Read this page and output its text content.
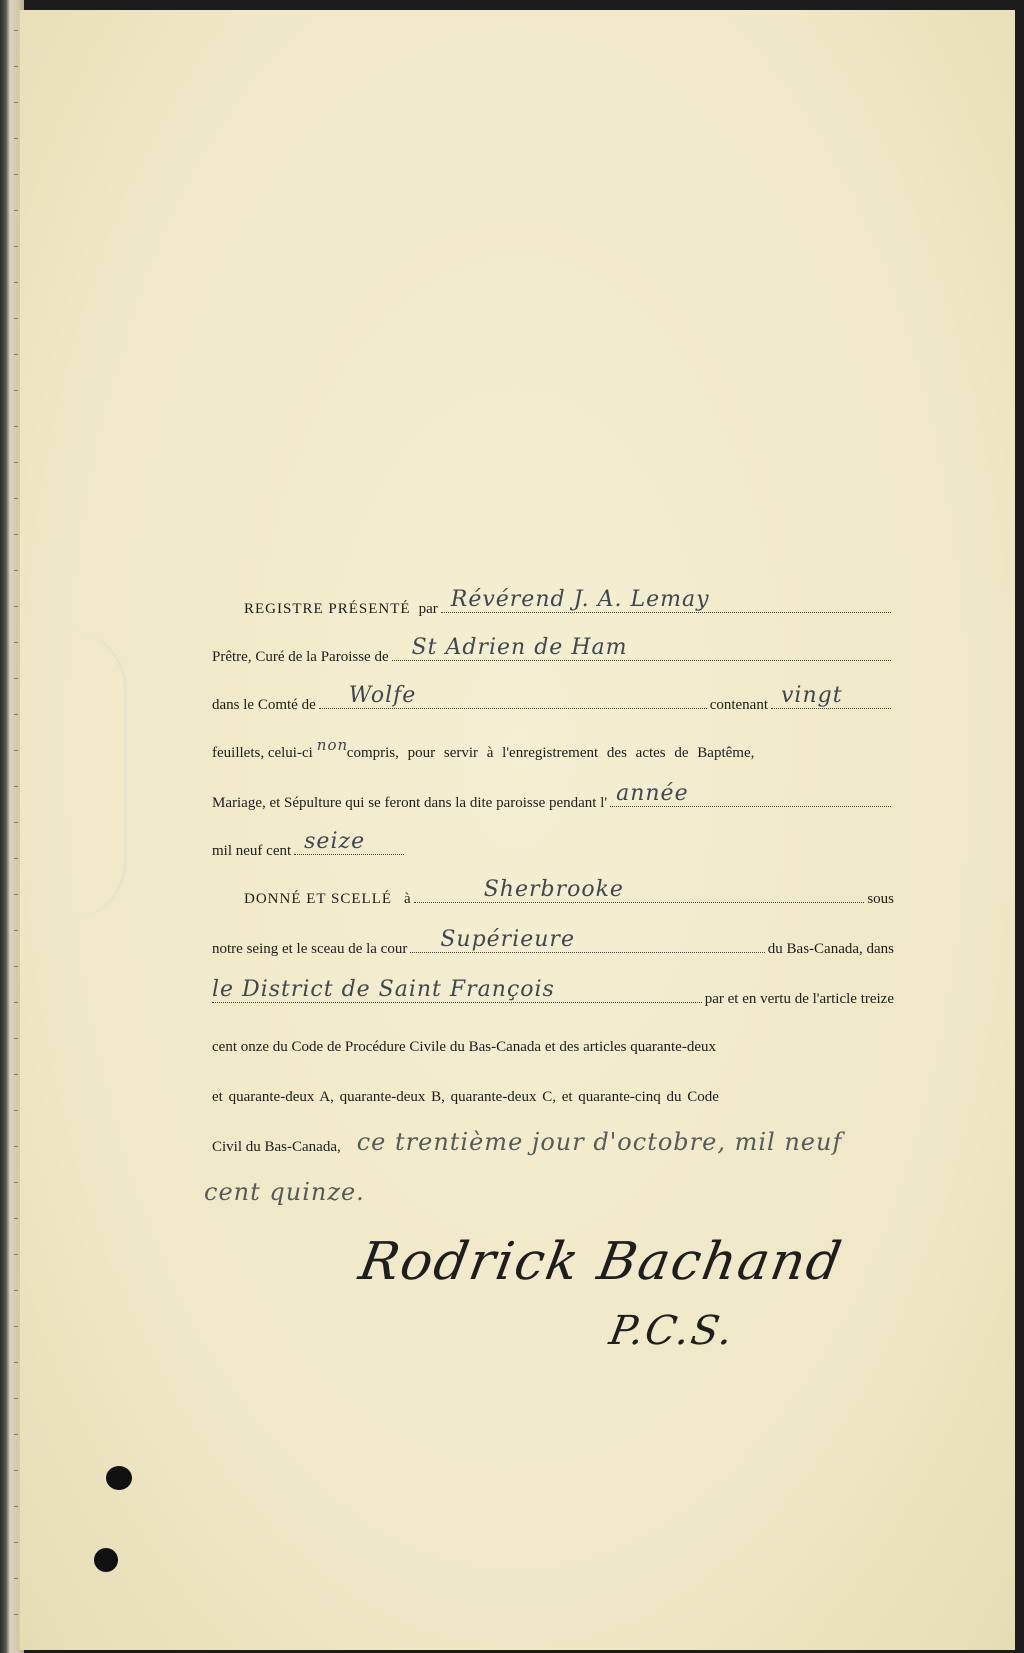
REGISTRE PRÉSENTÉ par Révérend J. A. Lemay
Prêtre, Curé de la Paroisse de St Adrien de Ham
dans le Comté de Wolfe	contenant vingt
feuillets, celui-ci non
compris, pour servir à l'enregistrement des actes de Baptême,
Mariage, et Sépulture qui se feront dans la dite paroisse pendant l' année
mil neuf cent seize
DONNÉ ET SCELLÉ à	Sherbrooke	sous
notre seing et le sceau de la cour Supérieure	du Bas-Canada, dans
le District de Saint François	par et en vertu de l'article treize
cent onze du Code de Procédure Civile du Bas-Canada et des articles quarante-deux
et quarante-deux A, quarante-deux B, quarante-deux C, et quarante-cinq du Code
Civil du Bas-Canada, ce trentième jour d'octobre, mil neuf
cent quinze.
Rodrick Bachand
P.C.S.
